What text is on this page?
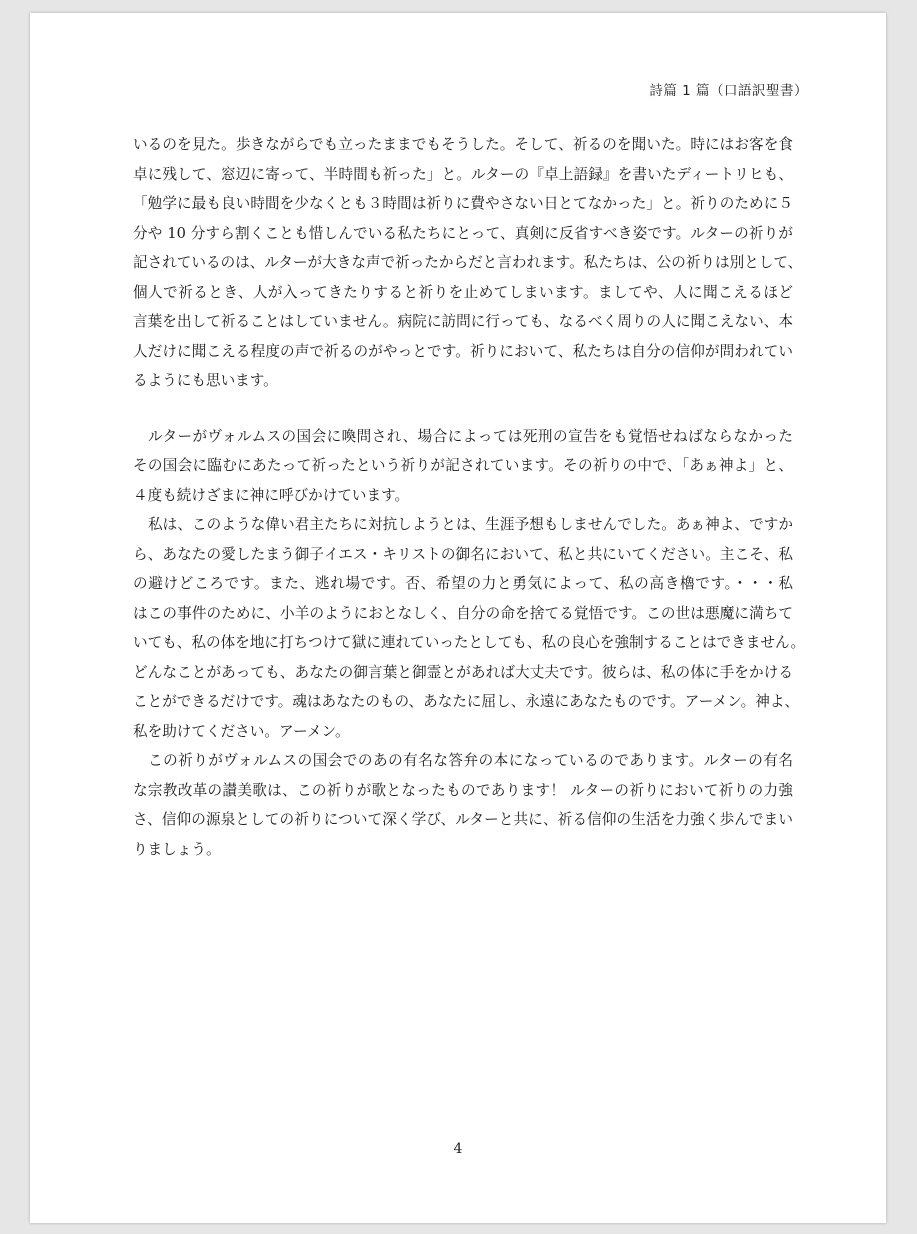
詩篇 1 篇（口語訳聖書）
いるのを見た。歩きながらでも立ったままでもそうした。そして、祈るのを聞いた。時にはお客を食
卓に残して、窓辺に寄って、半時間も祈った」と。ルターの『卓上語録』を書いたディートリヒも、
「勉学に最も良い時間を少なくとも３時間は祈りに費やさない日とてなかった」と。祈りのために５
分や 10 分すら割くことも惜しんでいる私たちにとって、真剣に反省すべき姿です。ルターの祈りが
記されているのは、ルターが大きな声で祈ったからだと言われます。私たちは、公の祈りは別として、
個人で祈るとき、人が入ってきたりすると祈りを止めてしまいます。ましてや、人に聞こえるほど
言葉を出して祈ることはしていません。病院に訪問に行っても、なるべく周りの人に聞こえない、本
人だけに聞こえる程度の声で祈るのがやっとです。祈りにおいて、私たちは自分の信仰が問われてい
るようにも思います。
ルターがヴォルムスの国会に喚問され、場合によっては死刑の宣告をも覚悟せねばならなかった
その国会に臨むにあたって祈ったという祈りが記されています。その祈りの中で、「あぁ神よ」と、
４度も続けざまに神に呼びかけています。
私は、このような偉い君主たちに対抗しようとは、生涯予想もしませんでした。あぁ神よ、ですか
ら、あなたの愛したまう御子イエス・キリストの御名において、私と共にいてください。主こそ、私
の避けどころです。また、逃れ場です。否、希望の力と勇気によって、私の高き櫓です。・・・私
はこの事件のために、小羊のようにおとなしく、自分の命を捨てる覚悟です。この世は悪魔に満ちて
いても、私の体を地に打ちつけて獄に連れていったとしても、私の良心を強制することはできません。
どんなことがあっても、あなたの御言葉と御霊とがあれば大丈夫です。彼らは、私の体に手をかける
ことができるだけです。魂はあなたのもの、あなたに屈し、永遠にあなたものです。アーメン。神よ、
私を助けてください。アーメン。
この祈りがヴォルムスの国会でのあの有名な答弁の本になっているのであります。ルターの有名
な宗教改革の讃美歌は、この祈りが歌となったものであります！ ルターの祈りにおいて祈りの力強
さ、信仰の源泉としての祈りについて深く学び、ルターと共に、祈る信仰の生活を力強く歩んでまい
りましょう。
4
